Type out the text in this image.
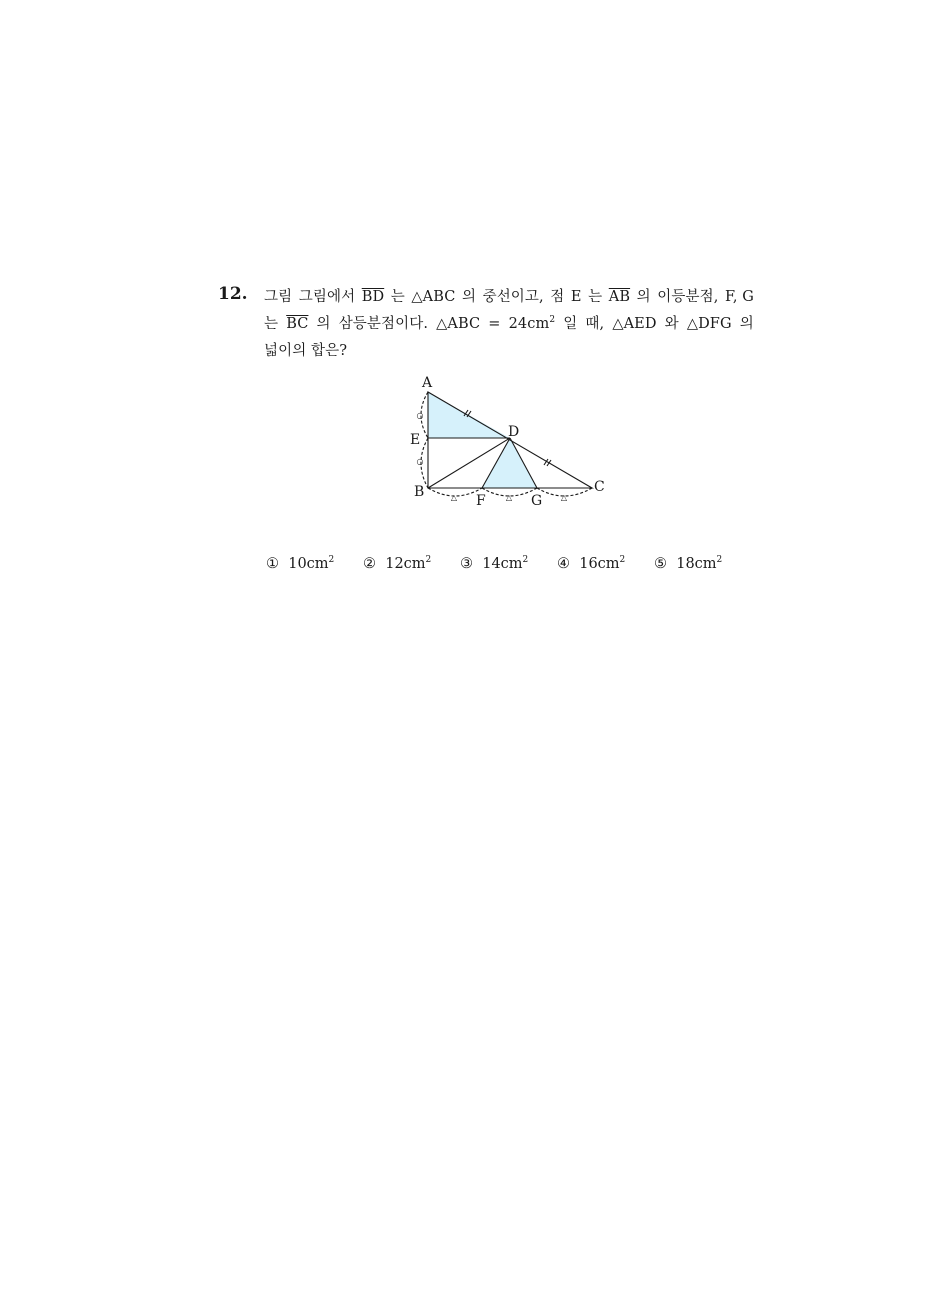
12. 그림 그림에서 $\overline{BD}$ 는 △ABC 의 중선이고, 점 E 는 $\overline{AB}$ 의 이등분점, F, G
는 $\overline{BC}$ 의 삼등분점이다. △ABC = $24cm^2$ 일 때, △AED 와 △DFG 의
넓이의 합은?
○
○
△	△	△
A
E
B
D
C
F	G
① $10cm^2$ ② $12cm^2$ ③ $14cm^2$ ④ $16cm^2$ ⑤ $18cm^2$
